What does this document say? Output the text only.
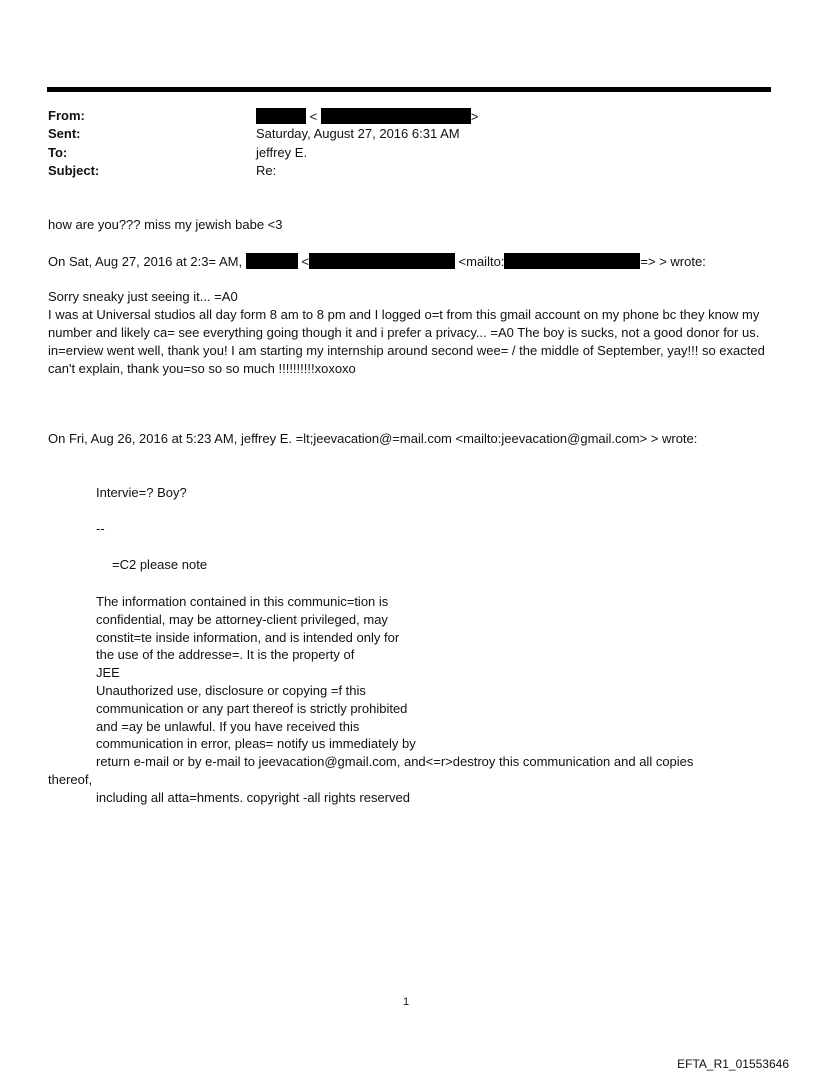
From:	<	>
Sent:	Saturday, August 27, 2016 6:31 AM
To:	jeffrey E.
Subject:	Re:
how are you??? miss my jewish babe <3
On Sat, Aug 27, 2016 at 2:3= AM,	<	<mailto:	=> > wrote:

Sorry sneaky just seeing it... =A0

I was at Universal studios all day form 8 am to 8 pm and I logged o=t from this gmail account on my phone bc they know my number and likely ca= see everything going though it and i prefer a privacy... =A0 The boy is sucks, not a good donor for us.

in=erview went well, thank you! I am starting my internship around second wee= / the middle of September, yay!!! so exacted can't explain, thank you=so so so much !!!!!!!!!!xoxoxo

On Fri, Aug 26, 2016 at 5:23 AM, jeffrey E. =lt;jeevacation@=mail.com <mailto:jeevacation@gmail.com> > wrote:
Intervie=? Boy?
--
=C2 please note
The information contained in this communic=tion is
confidential, may be attorney-client privileged, may
constit=te inside information, and is intended only for
the use of the addresse=. It is the property of
JEE
Unauthorized use, disclosure or copying =f this
communication or any part thereof is strictly prohibited
and =ay be unlawful. If you have received this
communication in error, pleas= notify us immediately by
return e-mail or by e-mail to jeevacation@gmail.com, and<=r>destroy this communication and all copies
thereof,
including all atta=hments. copyright -all rights reserved
1
EFTA_R1_01553646
